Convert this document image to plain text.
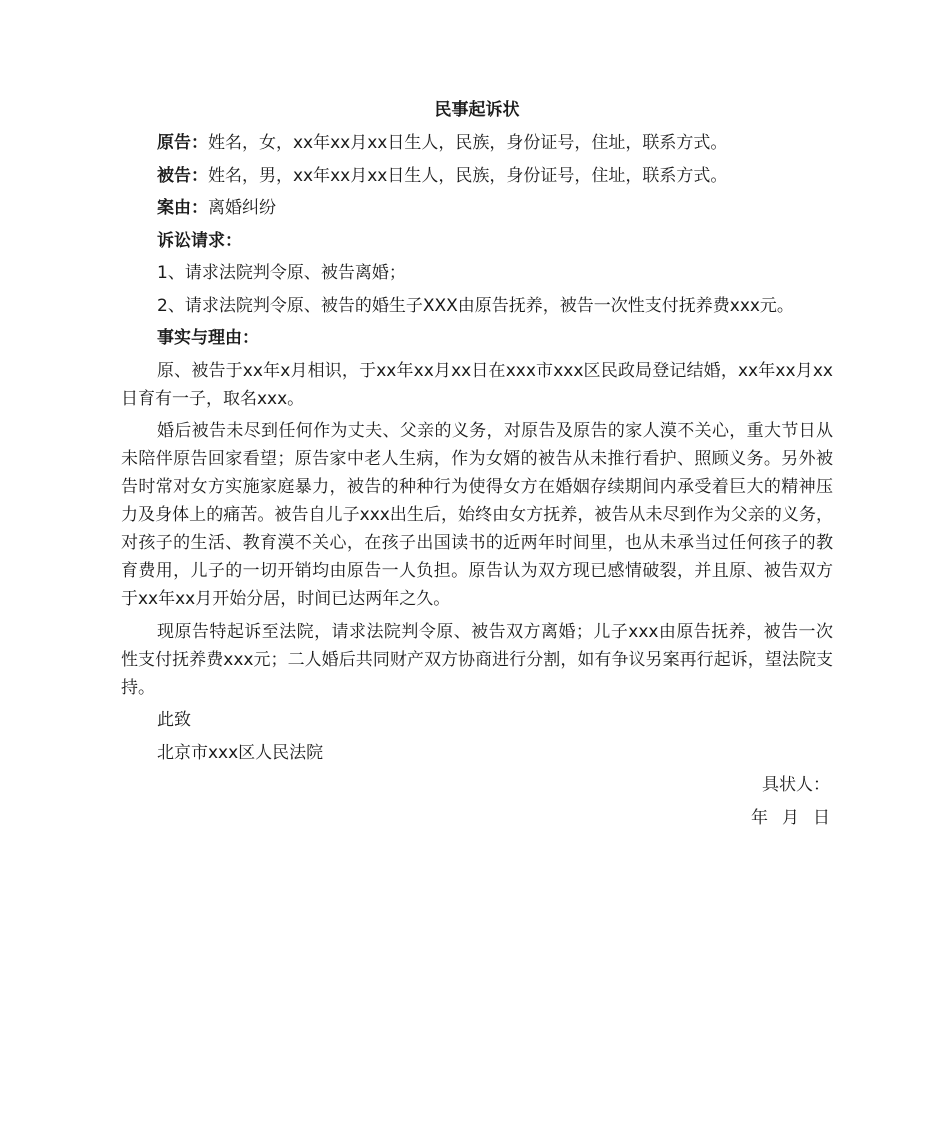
民事起诉状

原告：姓名，女，xx年xx月xx日生人，民族，身份证号，住址，联系方式。

被告：姓名，男，xx年xx月xx日生人，民族，身份证号，住址，联系方式。

案由：离婚纠纷

诉讼请求：

1、请求法院判令原、被告离婚；

2、请求法院判令原、被告的婚生子XXX由原告抚养，被告一次性支付抚养费xxx元。

事实与理由：

原、被告于xx年x月相识，于xx年xx月xx日在xxx市xxx区民政局登记结婚，xx年xx月xx日育有一子，取名xxx。

婚后被告未尽到任何作为丈夫、父亲的义务，对原告及原告的家人漠不关心，重大节日从未陪伴原告回家看望；原告家中老人生病，作为女婿的被告从未推行看护、照顾义务。另外被告时常对女方实施家庭暴力，被告的种种行为使得女方在婚姻存续期间内承受着巨大的精神压力及身体上的痛苦。被告自儿子xxx出生后，始终由女方抚养，被告从未尽到作为父亲的义务，对孩子的生活、教育漠不关心，在孩子出国读书的近两年时间里，也从未承当过任何孩子的教育费用，儿子的一切开销均由原告一人负担。原告认为双方现已感情破裂，并且原、被告双方于xx年xx月开始分居，时间已达两年之久。

现原告特起诉至法院，请求法院判令原、被告双方离婚；儿子xxx由原告抚养，被告一次性支付抚养费xxx元；二人婚后共同财产双方协商进行分割，如有争议另案再行起诉，望法院支持。

此致

北京市xxx区人民法院

具状人：

年 月 日
